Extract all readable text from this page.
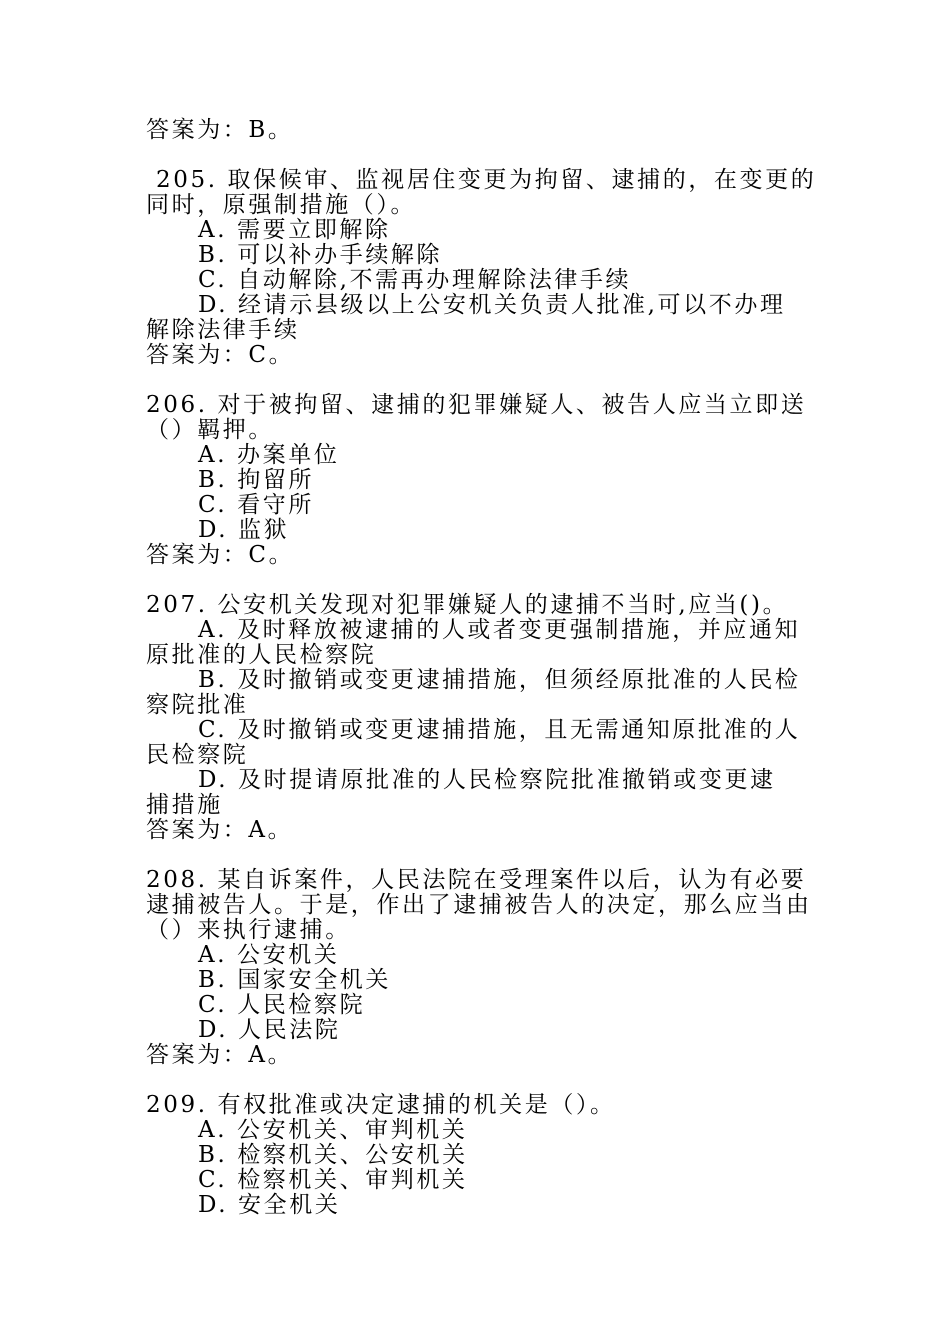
答案为：B。

205. 取保候审、监视居住变更为拘留、逮捕的，在变更的

同时，原强制措施（）。

A. 需要立即解除

B. 可以补办手续解除

C. 自动解除,不需再办理解除法律手续

D. 经请示县级以上公安机关负责人批准,可以不办理

解除法律手续

答案为：C。

206. 对于被拘留、逮捕的犯罪嫌疑人、被告人应当立即送

（）羁押。

A. 办案单位

B. 拘留所

C. 看守所

D. 监狱

答案为：C。

207. 公安机关发现对犯罪嫌疑人的逮捕不当时,应当()。

A. 及时释放被逮捕的人或者变更强制措施，并应通知

原批准的人民检察院

B. 及时撤销或变更逮捕措施，但须经原批准的人民检

察院批准

C. 及时撤销或变更逮捕措施，且无需通知原批准的人

民检察院

D. 及时提请原批准的人民检察院批准撤销或变更逮

捕措施

答案为：A。

208. 某自诉案件，人民法院在受理案件以后，认为有必要

逮捕被告人。于是，作出了逮捕被告人的决定，那么应当由

（）来执行逮捕。

A. 公安机关

B. 国家安全机关

C. 人民检察院

D. 人民法院

答案为：A。

209. 有权批准或决定逮捕的机关是（）。

A. 公安机关、审判机关

B. 检察机关、公安机关

C. 检察机关、审判机关

D. 安全机关
